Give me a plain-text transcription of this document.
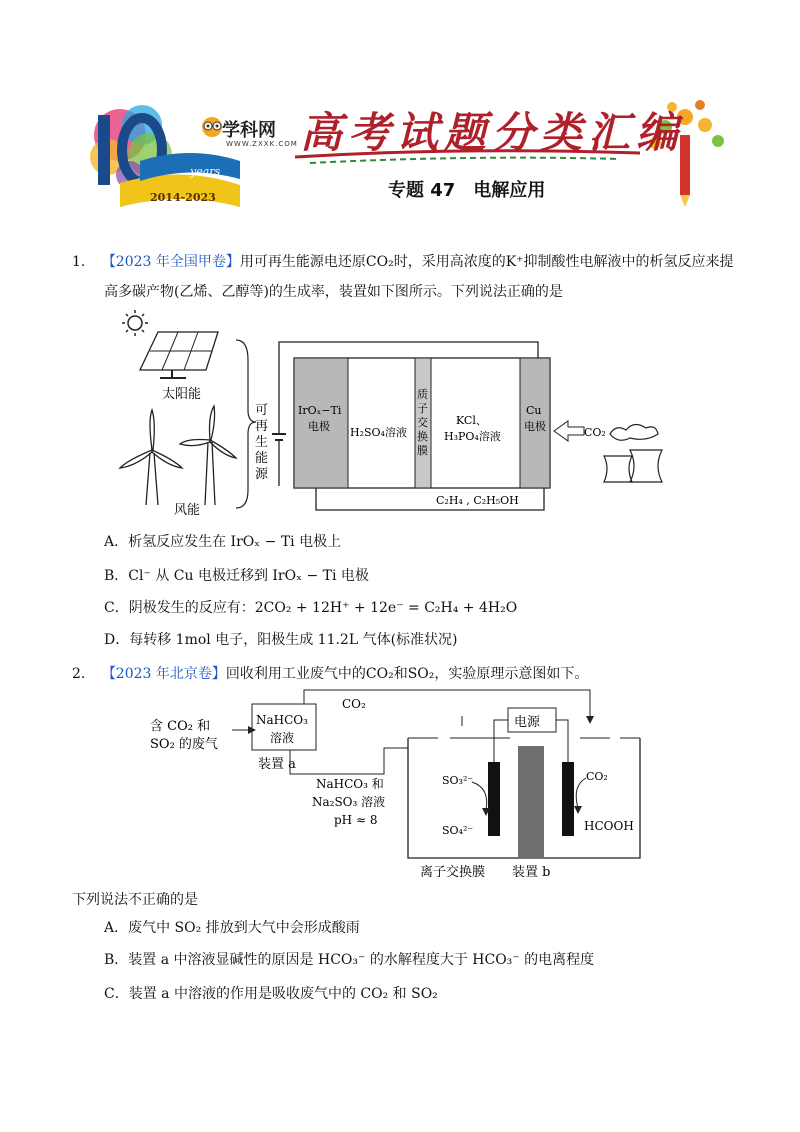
years
2014-2023
学科网
WWW.ZXXK.COM 高考试题分类汇编
专题 47　电解应用
1. 【2023 年全国甲卷】用可再生能源电还原CO₂时，采用高浓度的K⁺抑制酸性电解液中的析氢反应来提
高多碳产物(乙烯、乙醇等)的生成率，装置如下图所示。下列说法正确的是
太阳能
风能
可
再
生
能
源
IrOₓ−Ti
电极 H₂SO₄溶液
质
子
交
换
膜
KCl、
H₃PO₄溶液
Cu
电极	CO₂
C₂H₄ , C₂H₅OH
A．析氢反应发生在 IrOₓ − Ti 电极上
B．Cl⁻ 从 Cu 电极迁移到 IrOₓ − Ti 电极
C．阴极发生的反应有：2CO₂ + 12H⁺ + 12e⁻ = C₂H₄ + 4H₂O
D．每转移 1mol 电子，阳极生成 11.2L 气体(标准状况)
2. 【2023 年北京卷】回收利用工业废气中的CO₂和SO₂，实验原理示意图如下。
含 CO₂ 和
SO₂ 的废气
NaHCO₃
溶液
装置 a
CO₂
NaHCO₃ 和
Na₂SO₃ 溶液
pH ≈ 8
电源
SO₃²⁻
SO₄²⁻
CO₂
HCOOH
离子交换膜 装置 b
下列说法不正确的是
A．废气中 SO₂ 排放到大气中会形成酸雨
B．装置 a 中溶液显碱性的原因是 HCO₃⁻ 的水解程度大于 HCO₃⁻ 的电离程度
C．装置 a 中溶液的作用是吸收废气中的 CO₂ 和 SO₂
